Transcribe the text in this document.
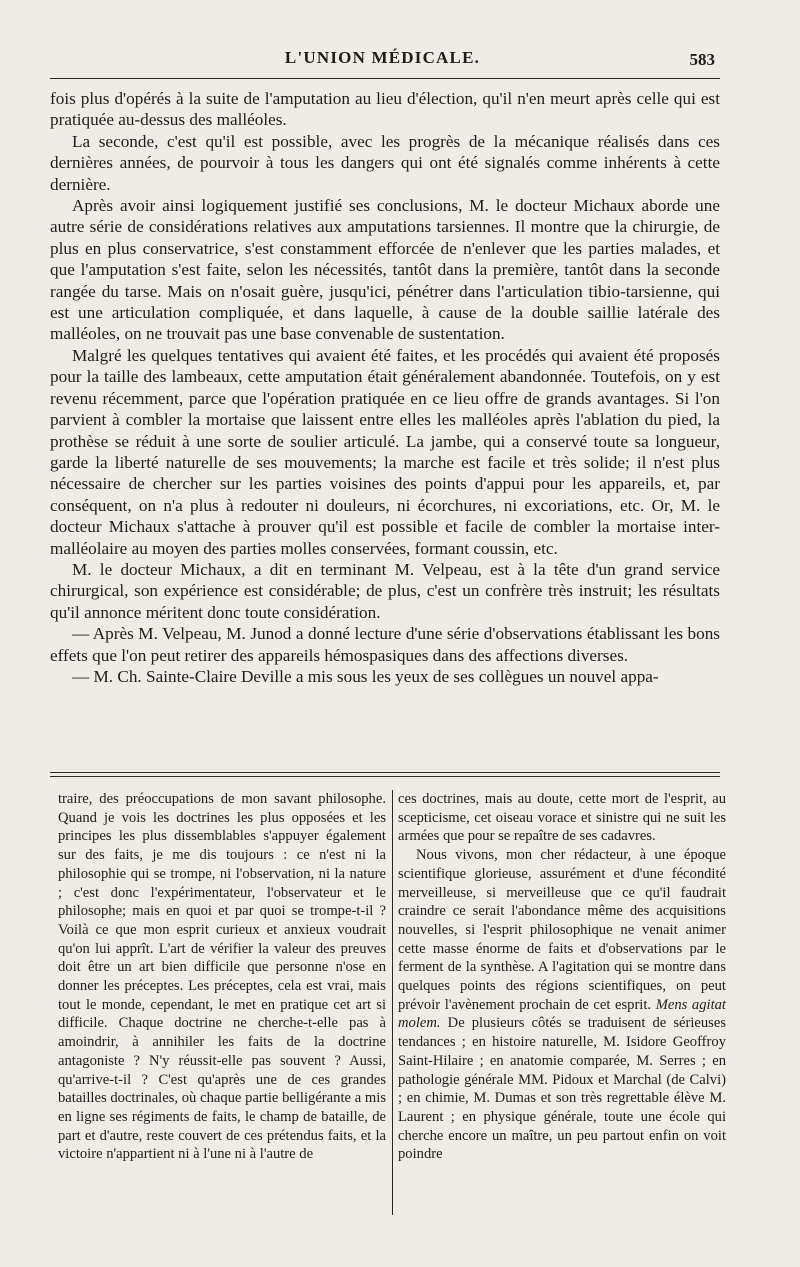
L'UNION MÉDICALE.	583

fois plus d'opérés à la suite de l'amputation au lieu d'élection, qu'il n'en meurt après celle qui est pratiquée au-dessus des malléoles.

La seconde, c'est qu'il est possible, avec les progrès de la mécanique réalisés dans ces dernières années, de pourvoir à tous les dangers qui ont été signalés comme inhérents à cette dernière.

Après avoir ainsi logiquement justifié ses conclusions, M. le docteur Michaux aborde une autre série de considérations relatives aux amputations tarsiennes. Il montre que la chirurgie, de plus en plus conservatrice, s'est constamment efforcée de n'enlever que les parties malades, et que l'amputation s'est faite, selon les nécessités, tantôt dans la première, tantôt dans la seconde rangée du tarse. Mais on n'osait guère, jusqu'ici, pénétrer dans l'articulation tibio-tarsienne, qui est une articulation compliquée, et dans laquelle, à cause de la double saillie latérale des malléoles, on ne trouvait pas une base convenable de sustentation.

Malgré les quelques tentatives qui avaient été faites, et les procédés qui avaient été proposés pour la taille des lambeaux, cette amputation était généralement abandonnée. Toutefois, on y est revenu récemment, parce que l'opération pratiquée en ce lieu offre de grands avantages. Si l'on parvient à combler la mortaise que laissent entre elles les malléoles après l'ablation du pied, la prothèse se réduit à une sorte de soulier articulé. La jambe, qui a conservé toute sa longueur, garde la liberté naturelle de ses mouvements; la marche est facile et très solide; il n'est plus nécessaire de chercher sur les parties voisines des points d'appui pour les appareils, et, par conséquent, on n'a plus à redouter ni douleurs, ni écorchures, ni excoriations, etc. Or, M. le docteur Michaux s'attache à prouver qu'il est possible et facile de combler la mortaise inter-malléolaire au moyen des parties molles conservées, formant coussin, etc.

M. le docteur Michaux, a dit en terminant M. Velpeau, est à la tête d'un grand service chirurgical, son expérience est considérable; de plus, c'est un confrère très instruit; les résultats qu'il annonce méritent donc toute considération.

— Après M. Velpeau, M. Junod a donné lecture d'une série d'observations établissant les bons effets que l'on peut retirer des appareils hémospasiques dans des affections diverses.

— M. Ch. Sainte-Claire Deville a mis sous les yeux de ses collègues un nouvel appa-

traire, des préoccupations de mon savant philosophe. Quand je vois les doctrines les plus opposées et les principes les plus dissemblables s'appuyer également sur des faits, je me dis toujours : ce n'est ni la philosophie qui se trompe, ni l'observation, ni la nature ; c'est donc l'expérimentateur, l'observateur et le philosophe; mais en quoi et par quoi se trompe-t-il ? Voilà ce que mon esprit curieux et anxieux voudrait qu'on lui apprît. L'art de vérifier la valeur des preuves doit être un art bien difficile que personne n'ose en donner les préceptes. Les préceptes, cela est vrai, mais tout le monde, cependant, le met en pratique cet art si difficile. Chaque doctrine ne cherche-t-elle pas à amoindrir, à annihiler les faits de la doctrine antagoniste ? N'y réussit-elle pas souvent ? Aussi, qu'arrive-t-il ? C'est qu'après une de ces grandes batailles doctrinales, où chaque partie belligérante a mis en ligne ses régiments de faits, le champ de bataille, de part et d'autre, reste couvert de ces prétendus faits, et la victoire n'appartient ni à l'une ni à l'autre de

ces doctrines, mais au doute, cette mort de l'esprit, au scepticisme, cet oiseau vorace et sinistre qui ne suit les armées que pour se repaître de ses cadavres.

Nous vivons, mon cher rédacteur, à une époque scientifique glorieuse, assurément et d'une fécondité merveilleuse, si merveilleuse que ce qu'il faudrait craindre ce serait l'abondance même des acquisitions nouvelles, si l'esprit philosophique ne venait animer cette masse énorme de faits et d'observations par le ferment de la synthèse. A l'agitation qui se montre dans quelques points des régions scientifiques, on peut prévoir l'avènement prochain de cet esprit. Mens agitat molem. De plusieurs côtés se traduisent de sérieuses tendances ; en histoire naturelle, M. Isidore Geoffroy Saint-Hilaire ; en anatomie comparée, M. Serres ; en pathologie générale MM. Pidoux et Marchal (de Calvi) ; en chimie, M. Dumas et son très regrettable élève M. Laurent ; en physique générale, toute une école qui cherche encore un maître, un peu partout enfin on voit poindre
